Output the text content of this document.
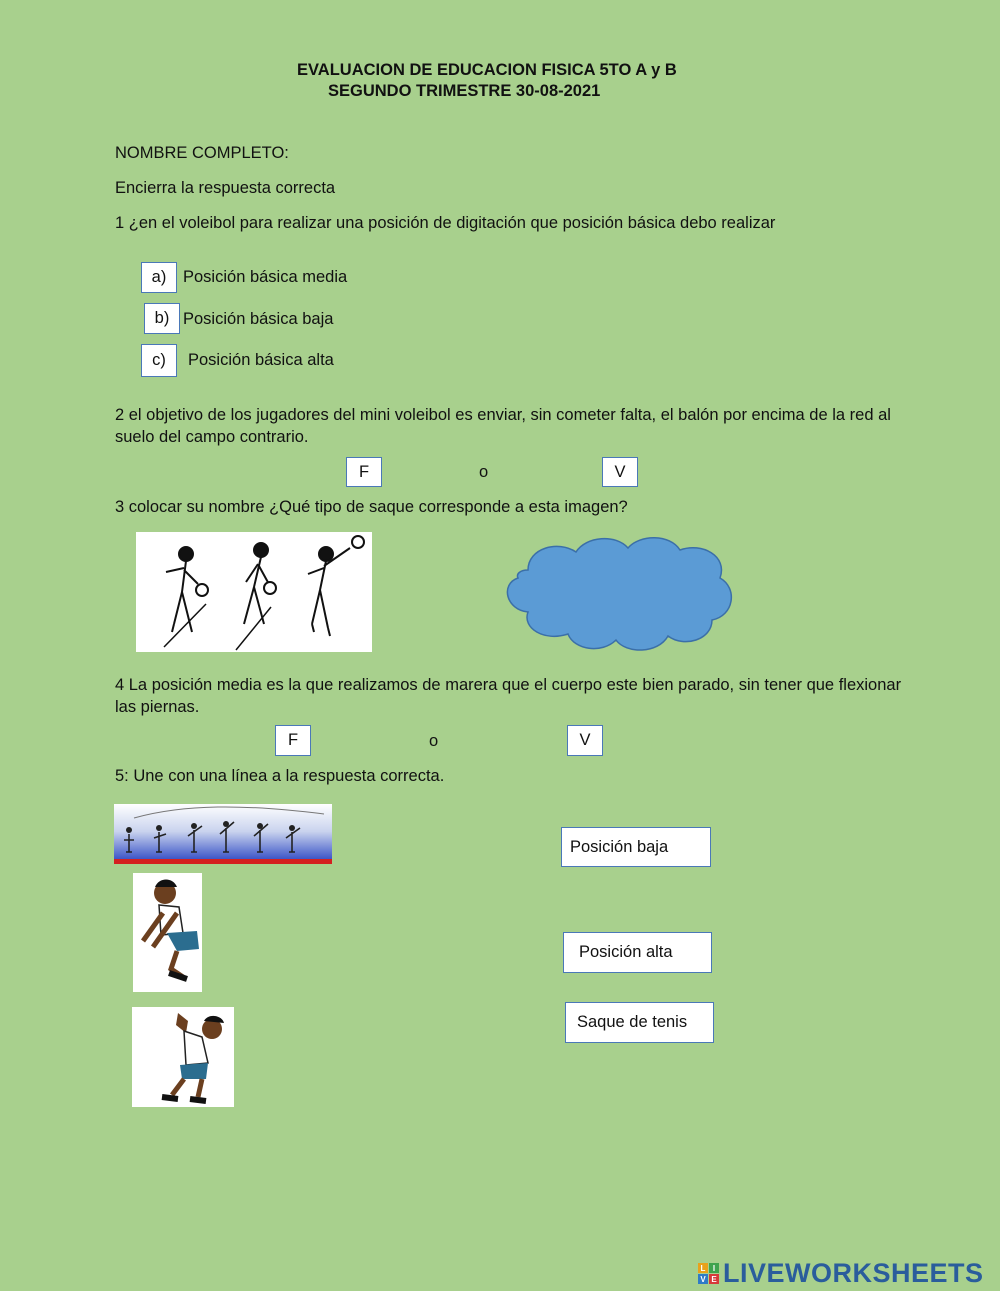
EVALUACION DE EDUCACION FISICA 5TO A y B
SEGUNDO TRIMESTRE 30-08-2021
NOMBRE COMPLETO:
Encierra la respuesta correcta
1 ¿en el voleibol para realizar una posición de digitación que posición básica debo realizar
a) Posición básica media
b) Posición básica baja
c) Posición básica alta
2 el objetivo de los jugadores del mini voleibol es enviar, sin cometer falta, el balón por encima de la red al suelo del campo contrario.
F	o	V
3 colocar su nombre ¿Qué tipo de saque corresponde a esta imagen?
4 La posición media es la que realizamos de marera que el cuerpo este bien parado, sin tener que flexionar las piernas.
F	o	V
5: Une con una línea a la respuesta correcta.
Posición baja
Posición alta
Saque de tenis
L I
V E LIVEWORKSHEETS
